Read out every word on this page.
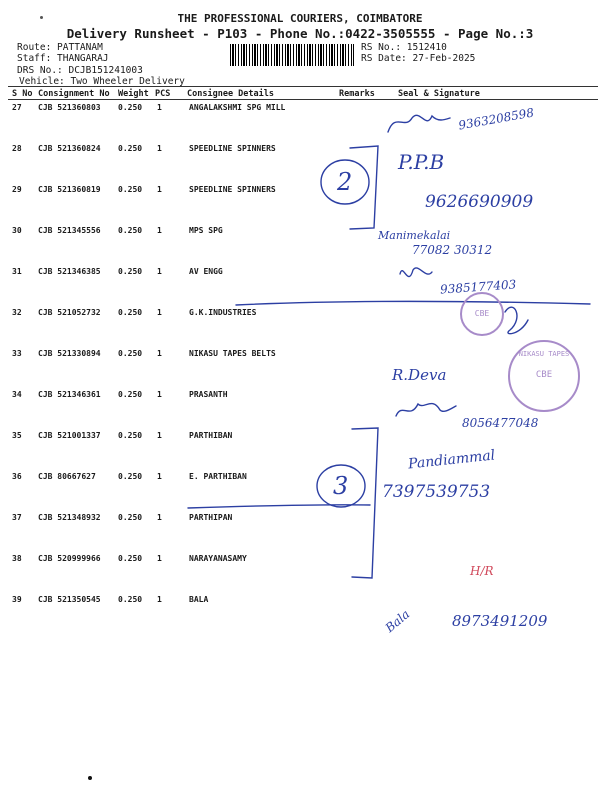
THE PROFESSIONAL COURIERS, COIMBATORE
Delivery Runsheet - P103 - Phone No.:0422-3505555 - Page No.:3
Route: PATTANAM
Staff: THANGARAJ
DRS No.: DCJB151241003
Vehicle: Two Wheeler Delivery
RS No.: 1512410
RS Date: 27-Feb-2025
S No Consignment No Weight PCS Consignee Details	Remarks	Seal & Signature
27 CJB 521360803 0.250 1	ANGALAKSHMI SPG MILL
28 CJB 521360824 0.250 1	SPEEDLINE SPINNERS
29 CJB 521360819 0.250 1	SPEEDLINE SPINNERS
30 CJB 521345556 0.250 1	MPS SPG
31 CJB 521346385 0.250 1	AV ENGG
32 CJB 521052732 0.250 1	G.K.INDUSTRIES
33 CJB 521330894 0.250 1	NIKASU TAPES BELTS
34 CJB 521346361 0.250 1	PRASANTH
35 CJB 521001337 0.250 1	PARTHIBAN
36 CJB 80667627	0.250 1	E. PARTHIBAN
37 CJB 521348932 0.250 1	PARTHIPAN
38 CJB 520999966 0.250 1	NARAYANASAMY
39 CJB 521350545 0.250 1	BALA
2
3
9363208598
P.P.B
9626690909
Manimekalai
77082 30312
9385177403
R.Deva
8056477048
Pandiammal
7397539753
H/R
Bala	8973491209
CBE
NIKASU TAPES
CBE
